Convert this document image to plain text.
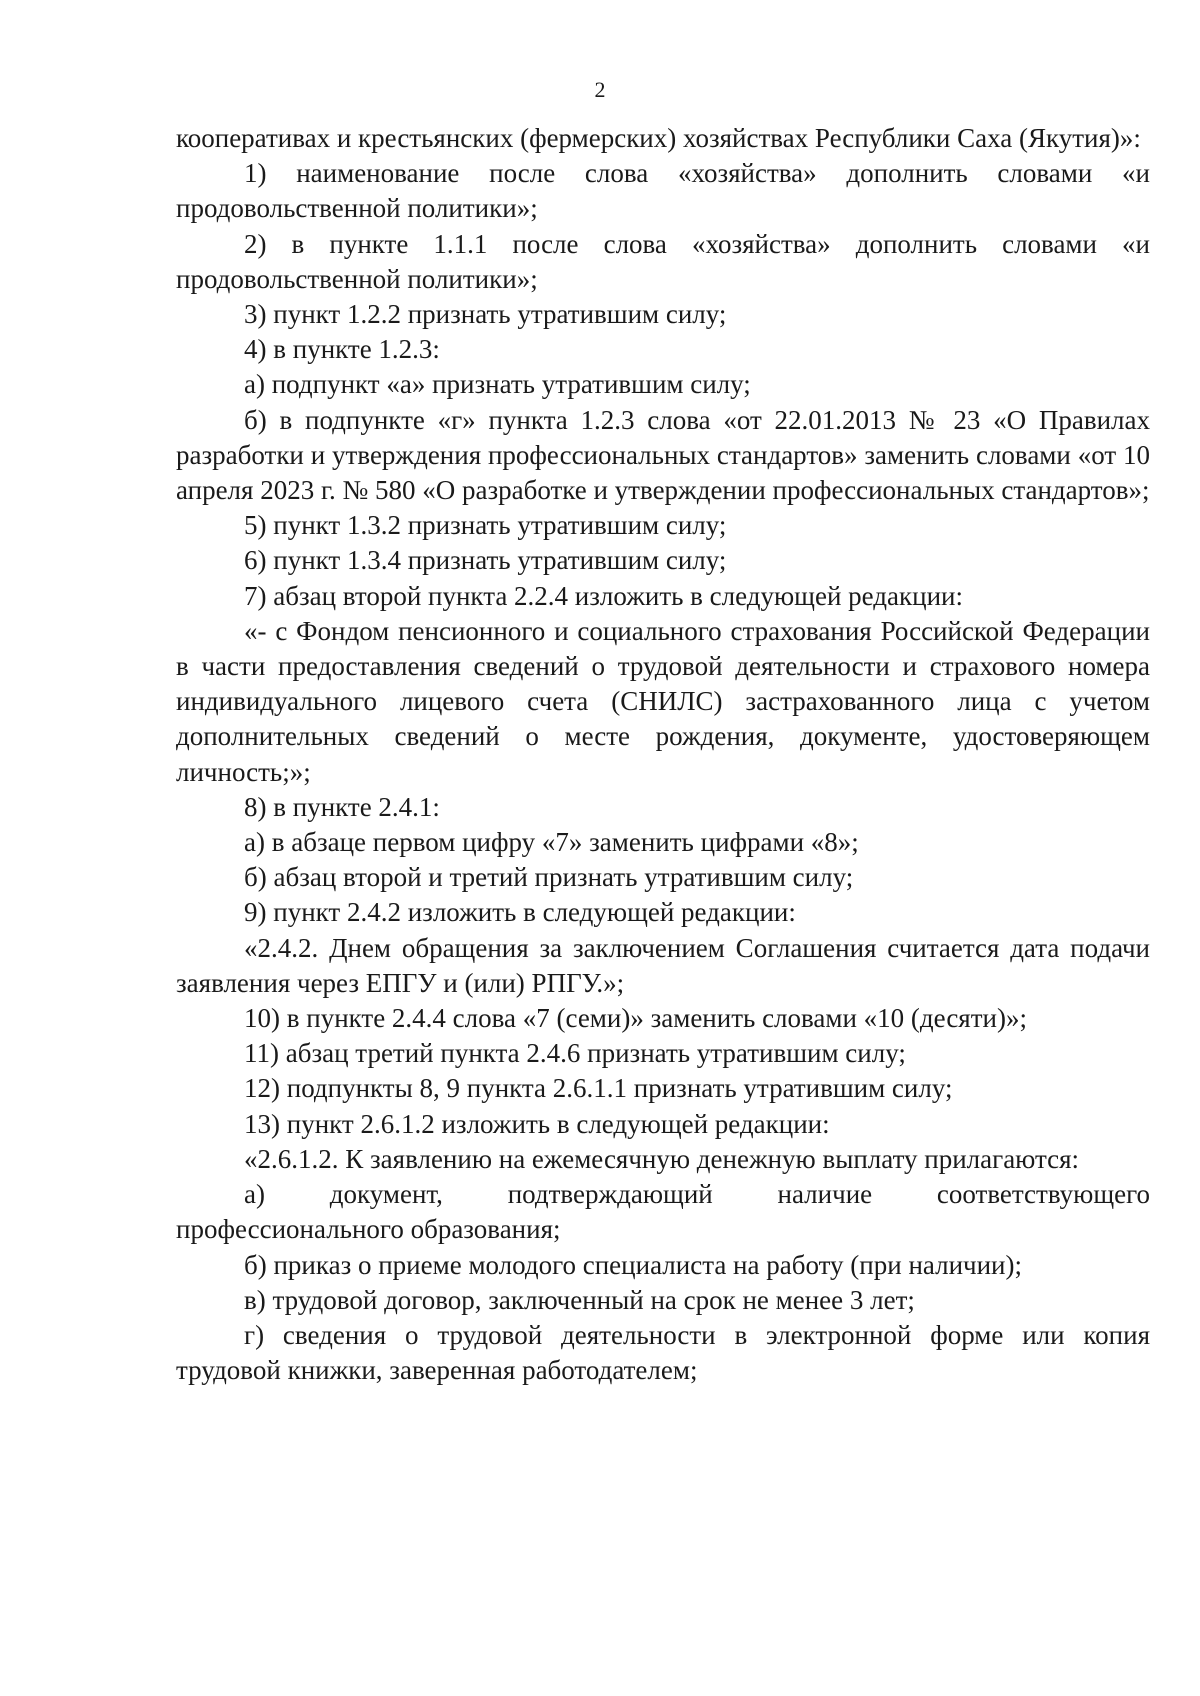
2

кооперативах и крестьянских (фермерских) хозяйствах Республики Саха (Якутия)»:

1) наименование после слова «хозяйства» дополнить словами «и продовольственной политики»;

2) в пункте 1.1.1 после слова «хозяйства» дополнить словами «и продовольственной политики»;

3) пункт 1.2.2 признать утратившим силу;

4) в пункте 1.2.3:

а) подпункт «а» признать утратившим силу;

б) в подпункте «г» пункта 1.2.3 слова «от 22.01.2013 № 23 «О Правилах разработки и утверждения профессиональных стандартов» заменить словами «от 10 апреля 2023 г. № 580 «О разработке и утверждении профессиональных стандартов»;

5) пункт 1.3.2 признать утратившим силу;

6) пункт 1.3.4 признать утратившим силу;

7) абзац второй пункта 2.2.4 изложить в следующей редакции:

«- с Фондом пенсионного и социального страхования Российской Федерации в части предоставления сведений о трудовой деятельности и страхового номера индивидуального лицевого счета (СНИЛС) застрахованного лица с учетом дополнительных сведений о месте рождения, документе, удостоверяющем личность;»;

8) в пункте 2.4.1:

а) в абзаце первом цифру «7» заменить цифрами «8»;

б) абзац второй и третий признать утратившим силу;

9) пункт 2.4.2 изложить в следующей редакции:

«2.4.2. Днем обращения за заключением Соглашения считается дата подачи заявления через ЕПГУ и (или) РПГУ.»;

10) в пункте 2.4.4 слова «7 (семи)» заменить словами «10 (десяти)»;

11) абзац третий пункта 2.4.6 признать утратившим силу;

12) подпункты 8, 9 пункта 2.6.1.1 признать утратившим силу;

13) пункт 2.6.1.2 изложить в следующей редакции:

«2.6.1.2. К заявлению на ежемесячную денежную выплату прилагаются:

а) документ, подтверждающий наличие соответствующего профессионального образования;

б) приказ о приеме молодого специалиста на работу (при наличии);

в) трудовой договор, заключенный на срок не менее 3 лет;

г) сведения о трудовой деятельности в электронной форме или копия трудовой книжки, заверенная работодателем;
